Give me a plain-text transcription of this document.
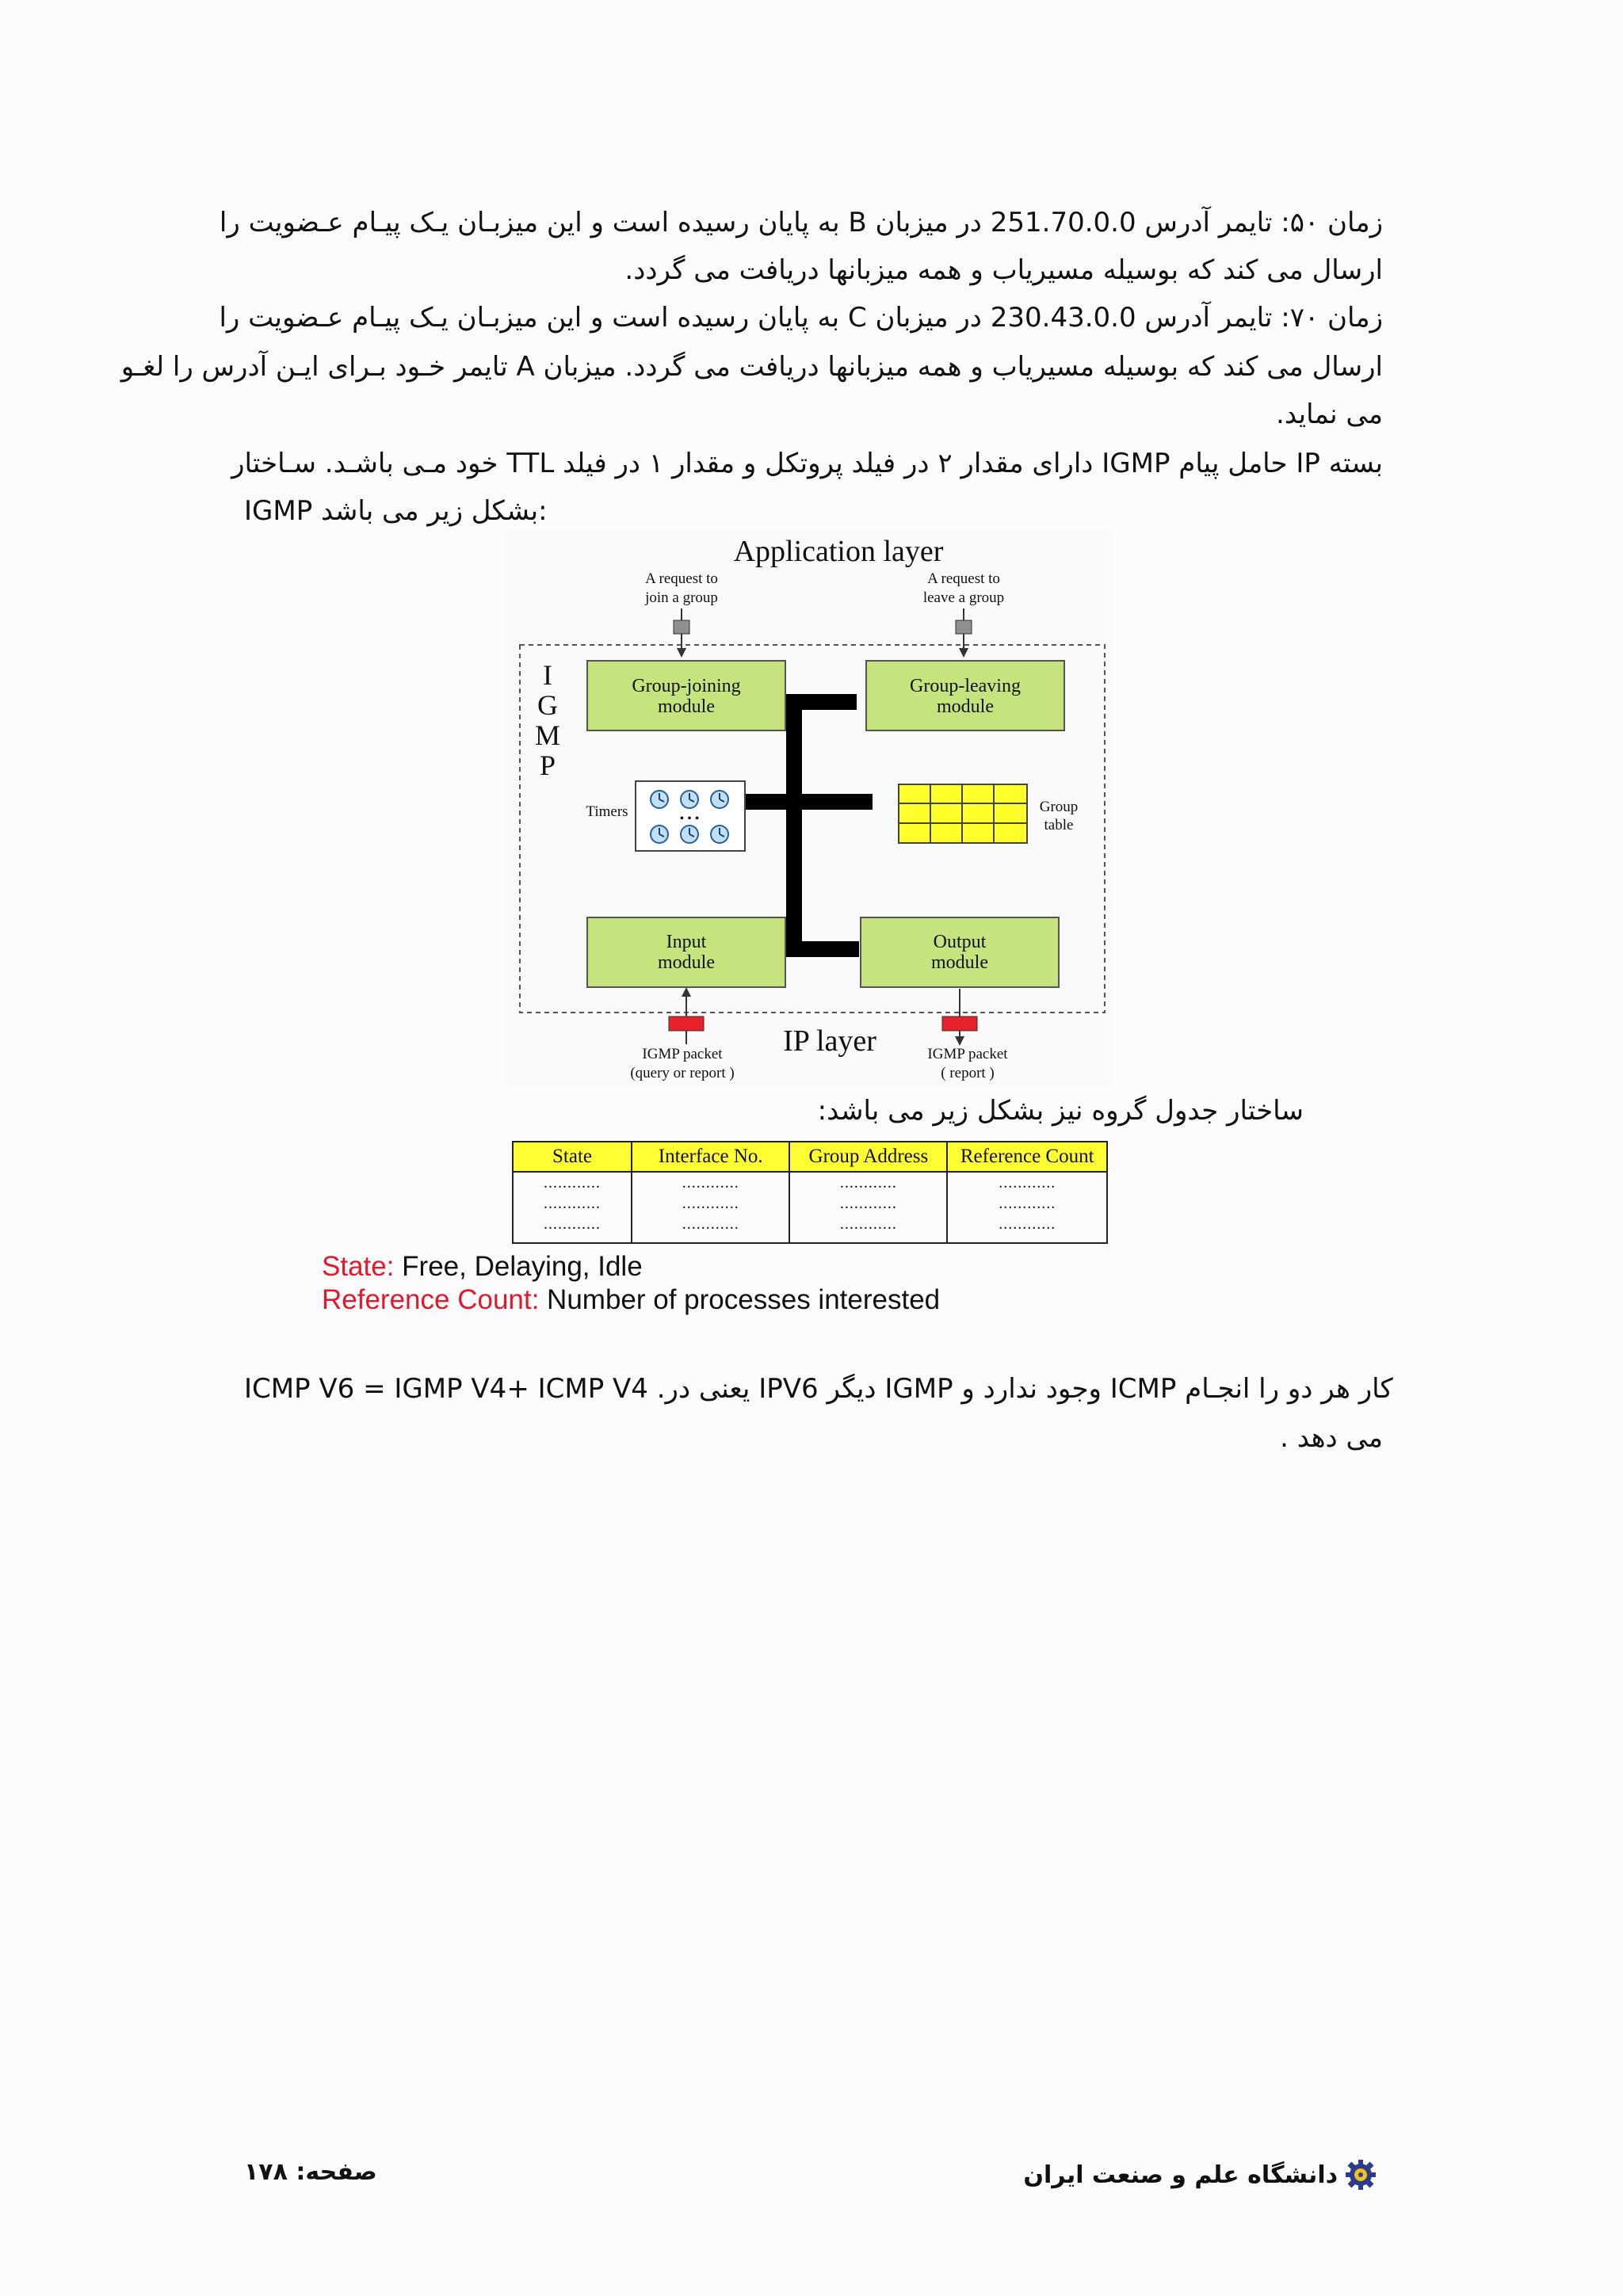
زمان ۵۰: تایمر آدرس 251.70.0.0 در میزبان B به پایان رسیده است و این میزبـان یـک پیـام عـضویت را
ارسال می کند که بوسیله مسیریاب و همه میزبانها دریافت می گردد.
زمان ۷۰: تایمر آدرس 230.43.0.0 در میزبان C به پایان رسیده است و این میزبـان یـک پیـام عـضویت را
ارسال می کند که بوسیله مسیریاب و همه میزبانها دریافت می گردد. میزبان A تایمر خـود بـرای ایـن آدرس را لغـو
می نماید.
بسته IP حامل پیام IGMP دارای مقدار ۲ در فیلد پروتکل و مقدار ۱ در فیلد TTL خود مـی باشـد. سـاختار
IGMP بشکل زیر می باشد:
Application layer
A request to
join a group
A request to
leave a group
I
G
M
P
Group-joining
module
Group-leaving
module
Timers	• • •
Group
table
Input
module
Output
module
IP layer
IGMP packet
(query or report )
IGMP packet
( report )
ساختار جدول گروه نیز بشکل زیر می باشد:
State	Interface No.	Group Address	Reference Count
............	............	............	............
............	............	............	............
............	............	............	............
State: Free, Delaying, Idle
Reference Count: Number of processes interested
ICMP V6 = IGMP V4+ ICMP V4 .یعنی در IPV6 دیگر IGMP وجود ندارد و ICMP کار هر دو را انجـام
می دهد .
دانشگاه علم و صنعت ایران
صفحه: ۱۷۸
